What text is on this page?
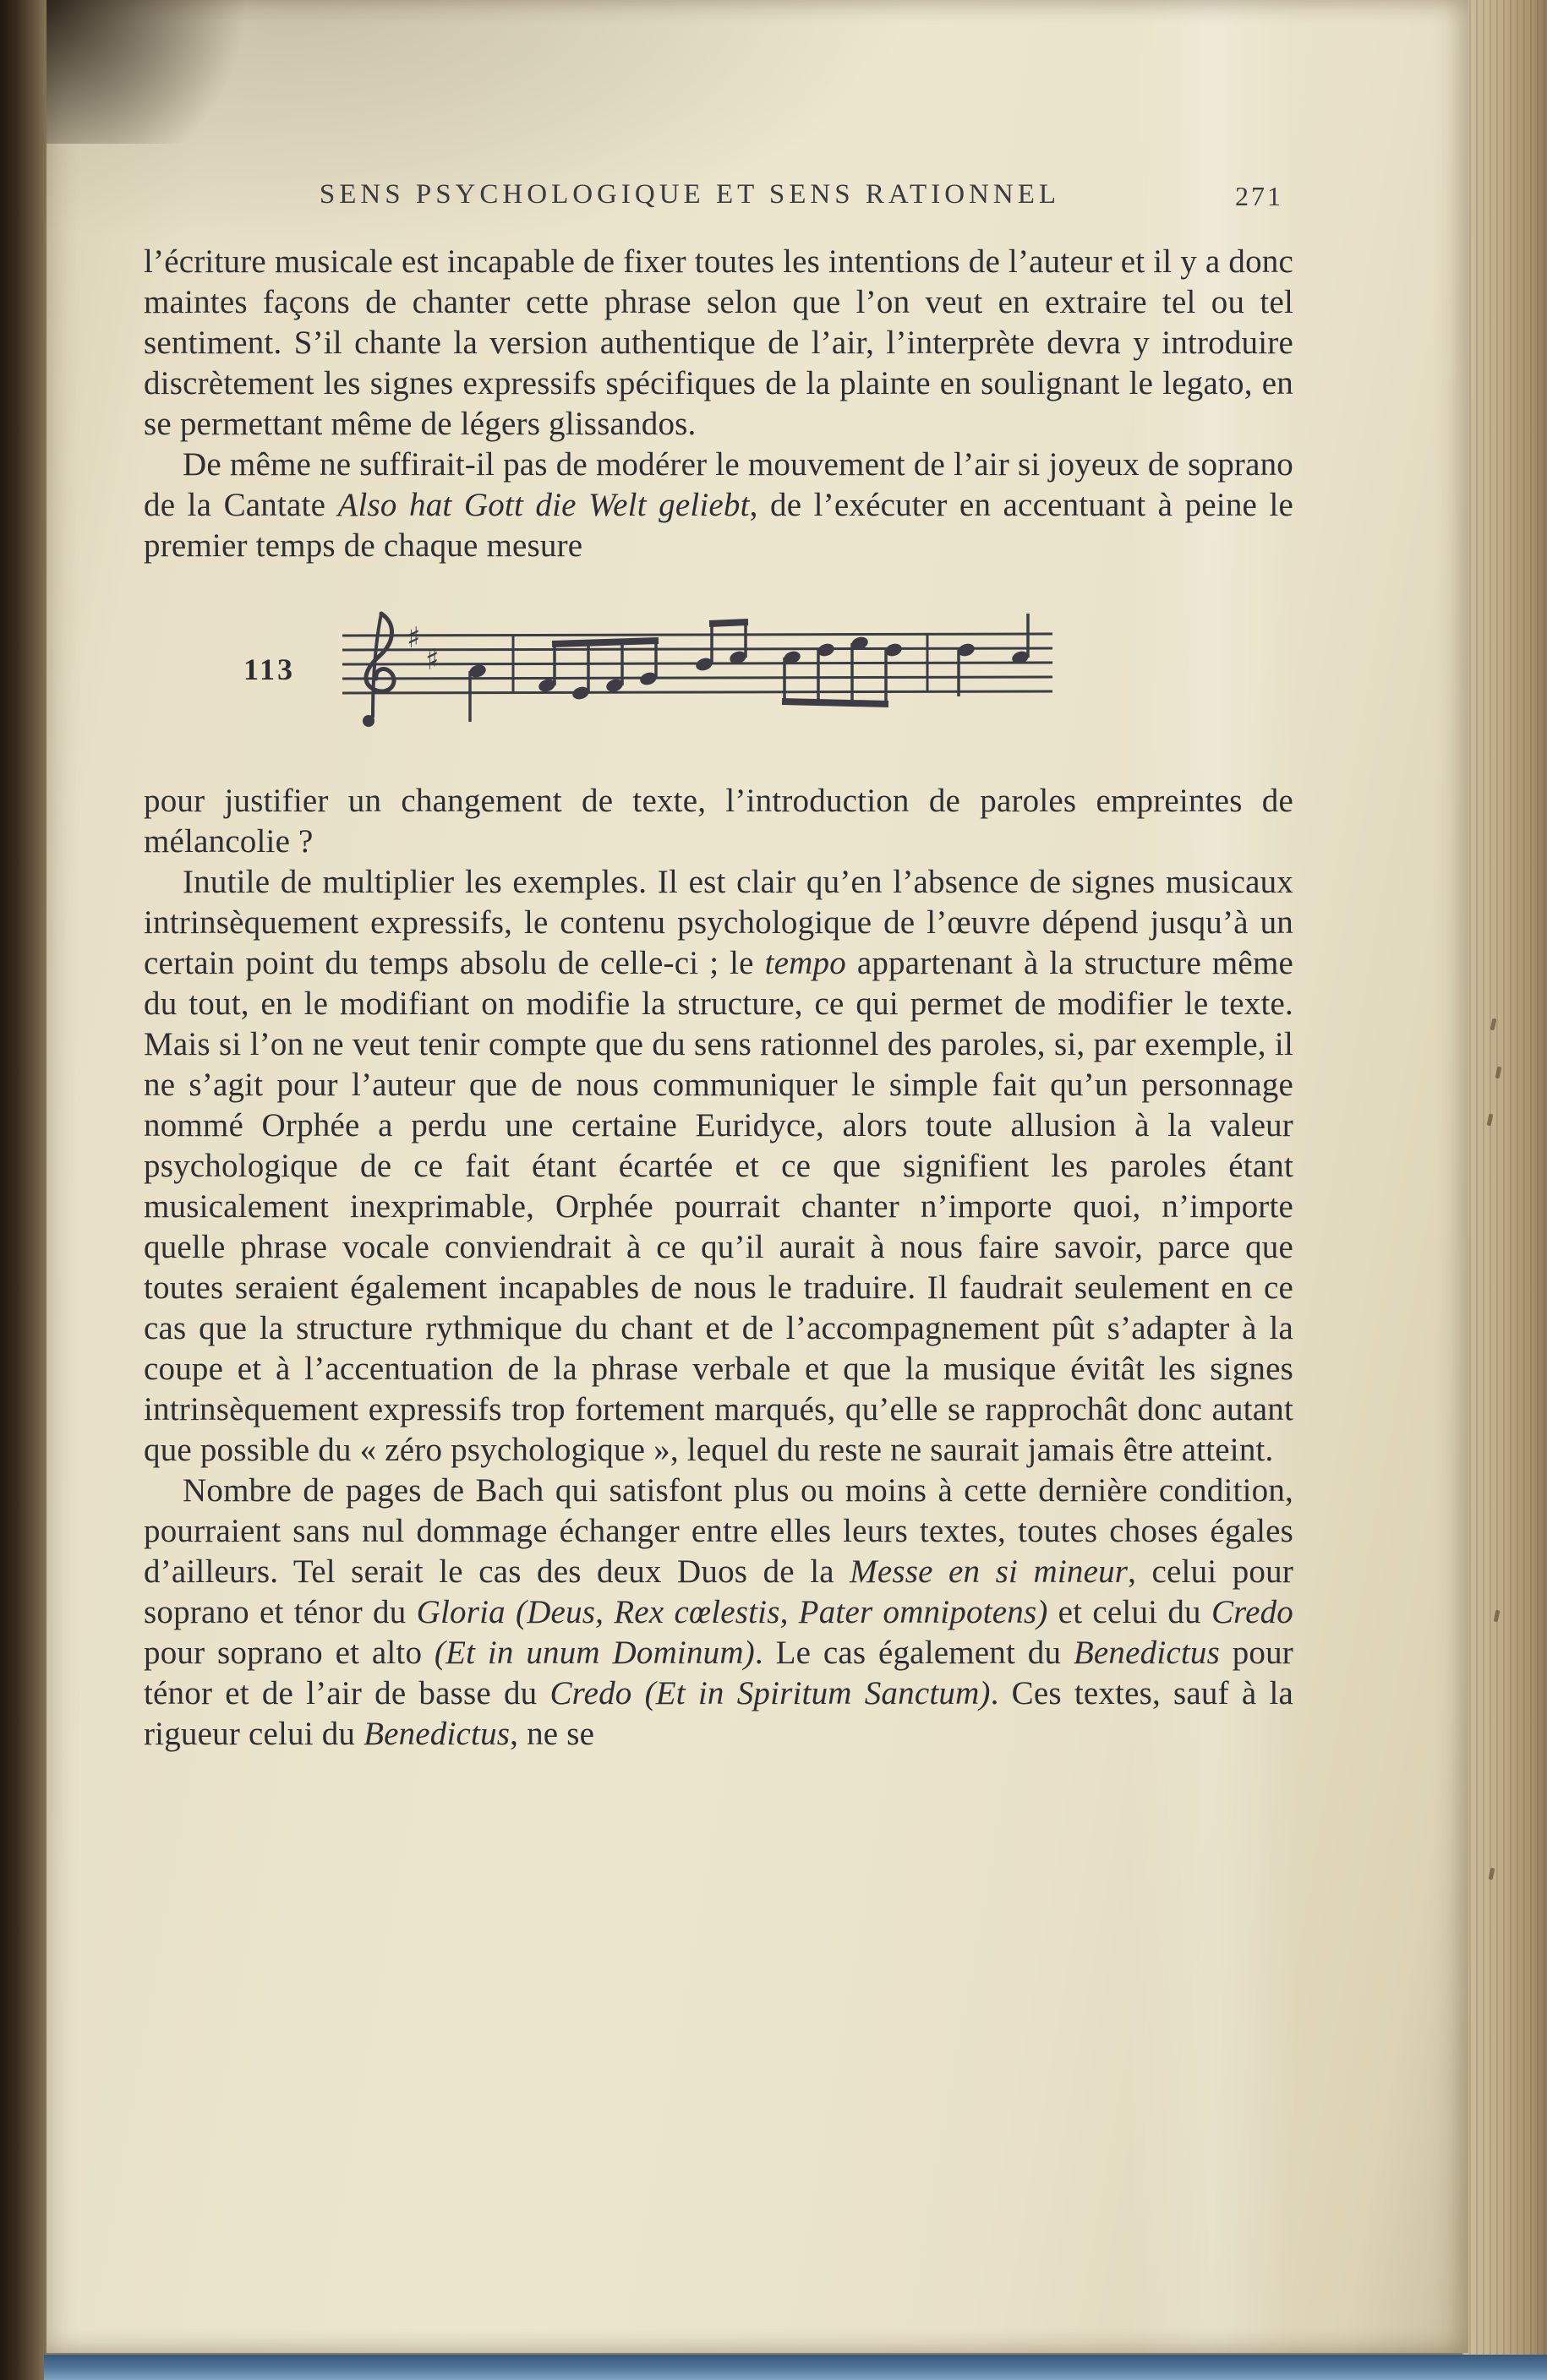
SENS PSYCHOLOGIQUE ET SENS RATIONNEL	271

l’écriture musicale est incapable de fixer toutes les intentions de l’auteur et il y a donc maintes façons de chanter cette phrase selon que l’on veut en extraire tel ou tel sentiment. S’il chante la version authentique de l’air, l’interprète devra y introduire discrètement les signes expressifs spécifiques de la plainte en soulignant le legato, en se permettant même de légers glissandos.

De même ne suffirait-il pas de modérer le mouvement de l’air si joyeux de soprano de la Cantate Also hat Gott die Welt geliebt, de l’exécuter en accentuant à peine le premier temps de chaque mesure

113
♯
♯

pour justifier un changement de texte, l’introduction de paroles empreintes de mélancolie ?

Inutile de multiplier les exemples. Il est clair qu’en l’absence de signes musicaux intrinsèquement expressifs, le contenu psychologique de l’œuvre dépend jusqu’à un certain point du temps absolu de celle-ci ; le tempo appartenant à la structure même du tout, en le modifiant on modifie la structure, ce qui permet de modifier le texte. Mais si l’on ne veut tenir compte que du sens rationnel des paroles, si, par exemple, il ne s’agit pour l’auteur que de nous communiquer le simple fait qu’un personnage nommé Orphée a perdu une certaine Euridyce, alors toute allusion à la valeur psychologique de ce fait étant écartée et ce que signifient les paroles étant musicalement inexprimable, Orphée pourrait chanter n’importe quoi, n’importe quelle phrase vocale conviendrait à ce qu’il aurait à nous faire savoir, parce que toutes seraient également incapables de nous le traduire. Il faudrait seulement en ce cas que la structure rythmique du chant et de l’accompagnement pût s’adapter à la coupe et à l’accentuation de la phrase verbale et que la musique évitât les signes intrinsèquement expressifs trop fortement marqués, qu’elle se rapprochât donc autant que possible du « zéro psychologique », lequel du reste ne saurait jamais être atteint.

Nombre de pages de Bach qui satisfont plus ou moins à cette dernière condition, pourraient sans nul dommage échanger entre elles leurs textes, toutes choses égales d’ailleurs. Tel serait le cas des deux Duos de la Messe en si mineur, celui pour soprano et ténor du Gloria (Deus, Rex cœlestis, Pater omnipotens) et celui du Credo pour soprano et alto (Et in unum Dominum). Le cas également du Benedictus pour ténor et de l’air de basse du Credo (Et in Spiritum Sanctum). Ces textes, sauf à la rigueur celui du Benedictus, ne se
